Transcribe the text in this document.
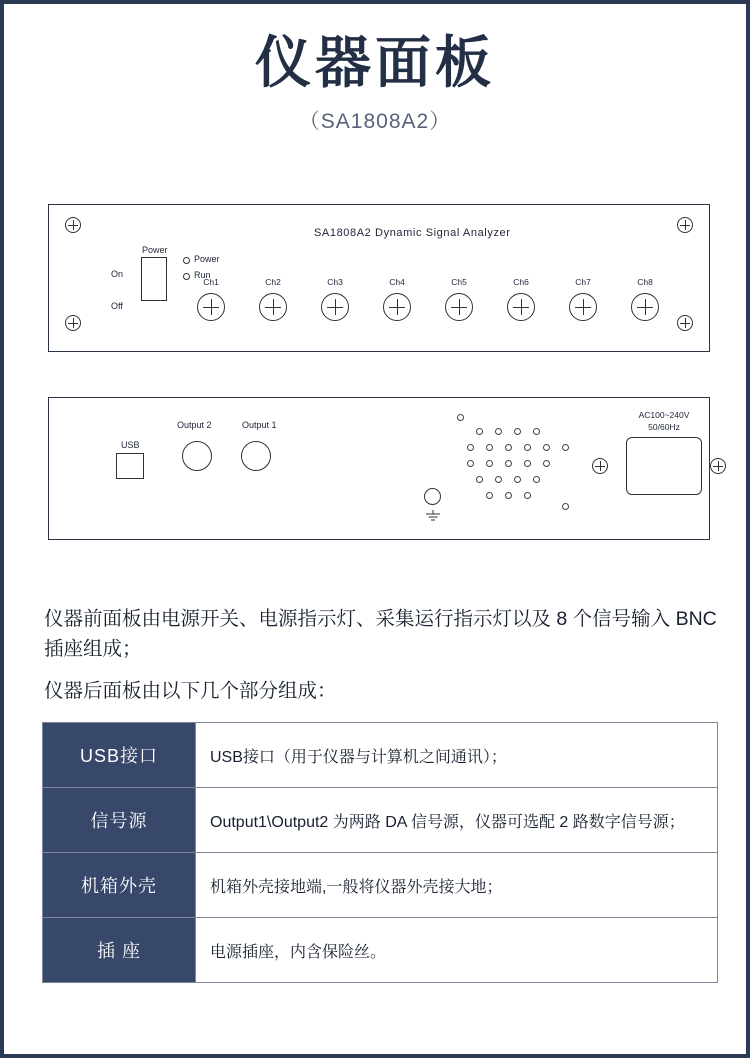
仪器面板
（SA1808A2）
SA1808A2 Dynamic Signal Analyzer
Power
On
Off
Power
Run
Ch1	Ch2	Ch3	Ch4	Ch5	Ch6	Ch7	Ch8
USB
Output 2	Output 1
AC100~240V
50/60Hz
仪器前面板由电源开关、电源指示灯、采集运行指示灯以及 8 个信号输入 BNC 插座组成；
仪器后面板由以下几个部分组成：
USB接口	USB接口（用于仪器与计算机之间通讯）；
信号源	Output1\Output2 为两路 DA 信号源，仪器可选配 2 路数字信号源；
机箱外壳	机箱外壳接地端,一般将仪器外壳接大地；
插 座	电源插座，内含保险丝。
